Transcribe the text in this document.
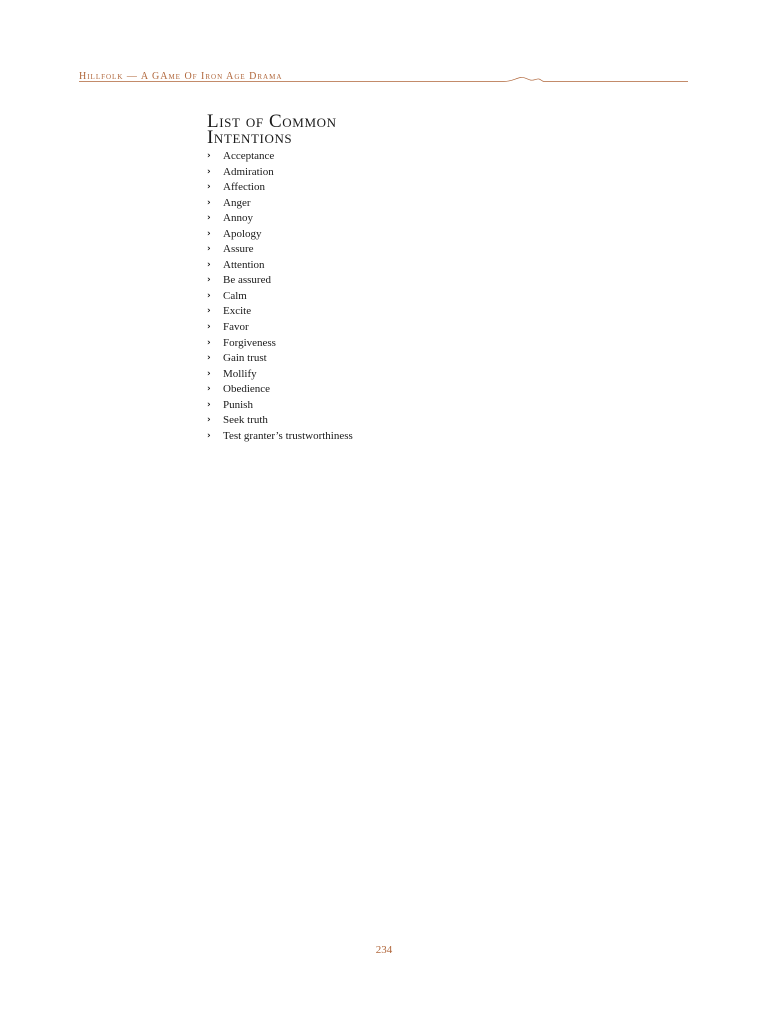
Hillfolk — A GAme Of Iron Age Drama
List of Common Intentions
› Acceptance
› Admiration
› Affection
› Anger
› Annoy
› Apology
› Assure
› Attention
› Be assured
› Calm
› Excite
› Favor
› Forgiveness
› Gain trust
› Mollify
› Obedience
› Punish
› Seek truth
› Test granter’s trustworthiness
234
